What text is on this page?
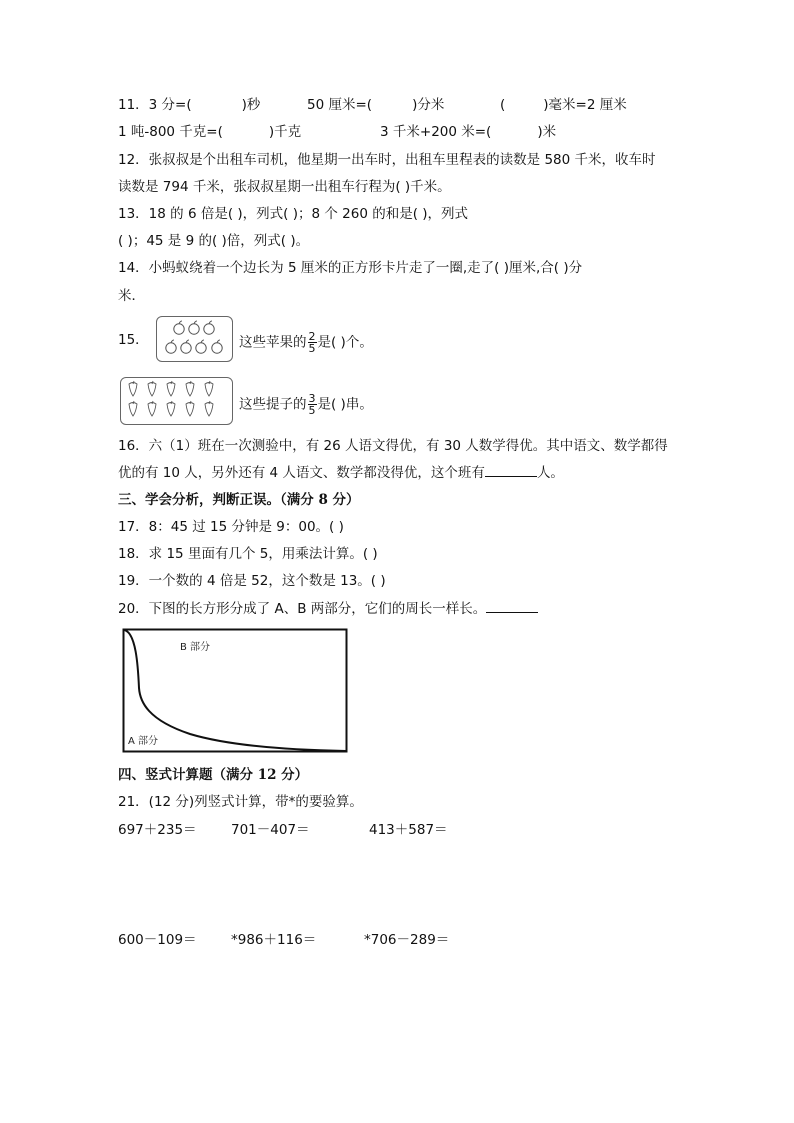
11．3 分=(	)秒	50 厘米=(	)分米	(	)毫米=2 厘米
1 吨-800 千克=(	)千克	3 千米+200 米=(	)米
12．张叔叔是个出租车司机，他星期一出车时，出租车里程表的读数是 580 千米，收车时
读数是 794 千米，张叔叔星期一出租车行程为( )千米。
13．18 的 6 倍是( )，列式( )；8 个 260 的和是( )，列式
( )；45 是 9 的( )倍，列式( )。
14．小蚂蚁绕着一个边长为 5 厘米的正方形卡片走了一圈,走了( )厘米,合( )分
米．
15．	这些苹果的 $\frac{2}{5}$ 是( )个。
这些提子的 $\frac{3}{5}$ 是( )串。
16．六（1）班在一次测验中，有 26 人语文得优，有 30 人数学得优。其中语文、数学都得
优的有 10 人，另外还有 4 人语文、数学都没得优，这个班有	人。
三、学会分析，判断正误。（满分 8 分）
17．8：45 过 15 分钟是 9：00。( )
18．求 15 里面有几个 5，用乘法计算。( )
19．一个数的 4 倍是 52，这个数是 13。( )
20．下图的长方形分成了 A、B 两部分，它们的周长一样长。
B 部分
A 部分
四、竖式计算题（满分 12 分）
21．(12 分)列竖式计算，带*的要验算。
697＋235＝	701－407＝	413＋587＝
600－109＝	*986＋116＝	*706－289＝
